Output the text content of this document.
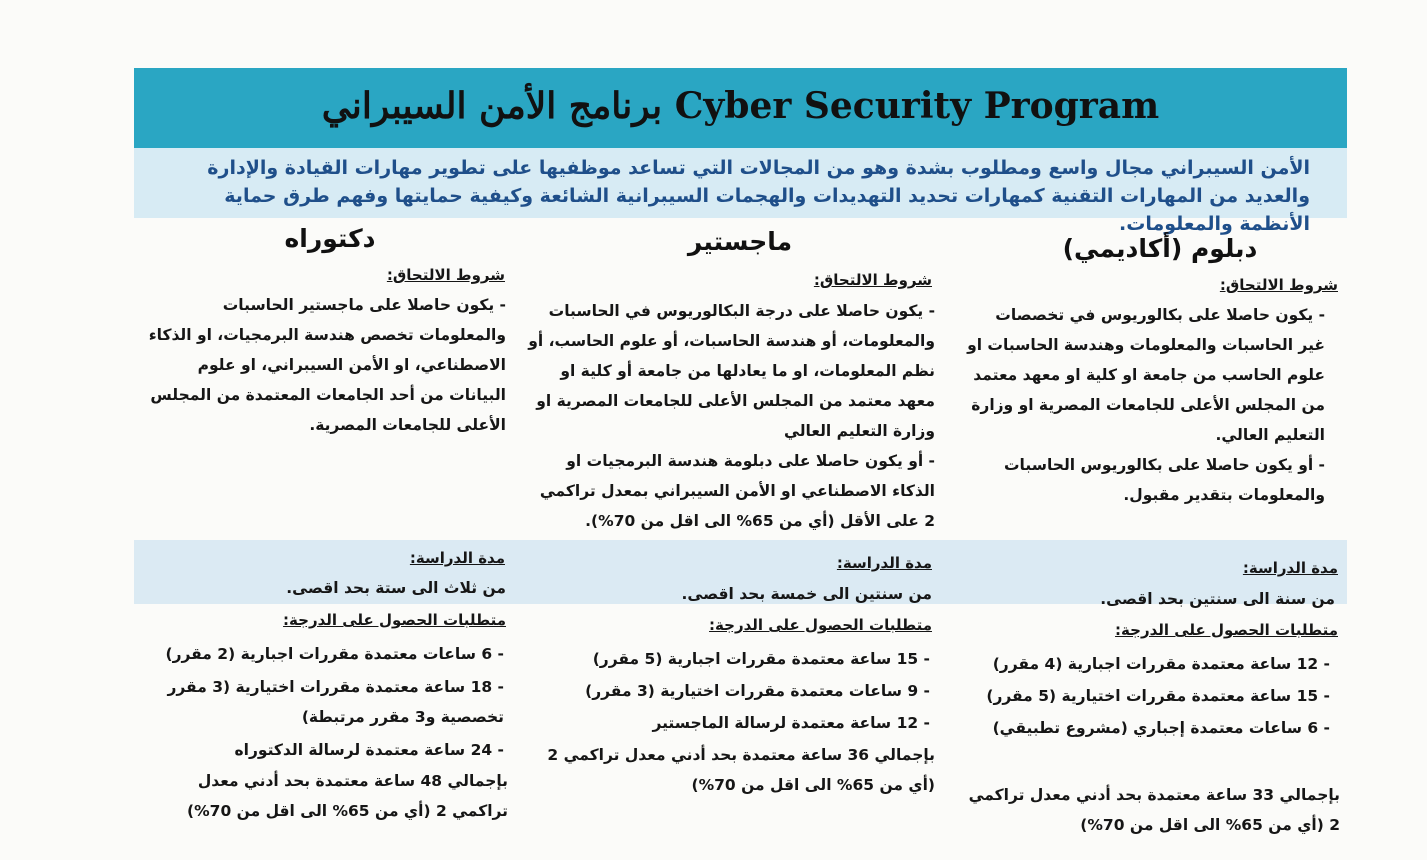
برنامج الأمن السيبراني Cyber Security Program
الأمن السيبراني مجال واسع ومطلوب بشدة وهو من المجالات التي تساعد موظفيها على تطوير مهارات القيادة والإدارة والعديد من المهارات التقنية كمهارات تحديد التهديدات والهجمات السيبرانية الشائعة وكيفية حمايتها وفهم طرق حماية الأنظمة والمعلومات.
دبلوم (أكاديمي)
ماجستير
دكتوراه
شروط الالتحاق:
شروط الالتحاق:
شروط الالتحاق:

- يكون حاصلا على بكالوريوس في تخصصات غير الحاسبات والمعلومات وهندسة الحاسبات او علوم الحاسب من جامعة او كلية او معهد معتمد من المجلس الأعلى للجامعات المصرية او وزارة التعليم العالي.

- أو يكون حاصلا على بكالوريوس الحاسبات والمعلومات بتقدير مقبول.

- يكون حاصلا على درجة البكالوريوس في الحاسبات والمعلومات، أو هندسة الحاسبات، أو علوم الحاسب، أو نظم المعلومات، او ما يعادلها من جامعة أو كلية او معهد معتمد من المجلس الأعلى للجامعات المصرية او وزارة التعليم العالي

- أو يكون حاصلا على دبلومة هندسة البرمجيات او الذكاء الاصطناعي او الأمن السيبراني بمعدل تراكمي 2 على الأقل (أي من 65% الى اقل من 70%).

- يكون حاصلا على ماجستير الحاسبات والمعلومات تخصص هندسة البرمجيات، او الذكاء الاصطناعي، او الأمن السيبراني، او علوم البيانات من أحد الجامعات المعتمدة من المجلس الأعلى للجامعات المصرية.

مدة الدراسة:
من سنة الى سنتين بحد اقصى.
مدة الدراسة:
من سنتين الى خمسة بحد اقصى.
مدة الدراسة:
من ثلاث الى ستة بحد اقصى.
متطلبات الحصول على الدرجة:
متطلبات الحصول على الدرجة:
متطلبات الحصول على الدرجة:
- 12 ساعة معتمدة مقررات اجبارية (4 مقرر)
- 15 ساعة معتمدة مقررات اختيارية (5 مقرر)
- 6 ساعات معتمدة إجباري (مشروع تطبيقي)
بإجمالي 33 ساعة معتمدة بحد أدني معدل تراكمي 2 (أي من 65% الى اقل من 70%)
- 15 ساعة معتمدة مقررات اجبارية (5 مقرر)
- 9 ساعات معتمدة مقررات اختيارية (3 مقرر)
- 12 ساعة معتمدة لرسالة الماجستير
بإجمالي 36 ساعة معتمدة بحد أدني معدل تراكمي 2 (أي من 65% الى اقل من 70%)
- 6 ساعات معتمدة مقررات اجبارية (2 مقرر)
- 18 ساعة معتمدة مقررات اختيارية (3 مقرر تخصصية و3 مقرر مرتبطة)
- 24 ساعة معتمدة لرسالة الدكتوراه
بإجمالي 48 ساعة معتمدة بحد أدني معدل تراكمي 2 (أي من 65% الى اقل من 70%)
